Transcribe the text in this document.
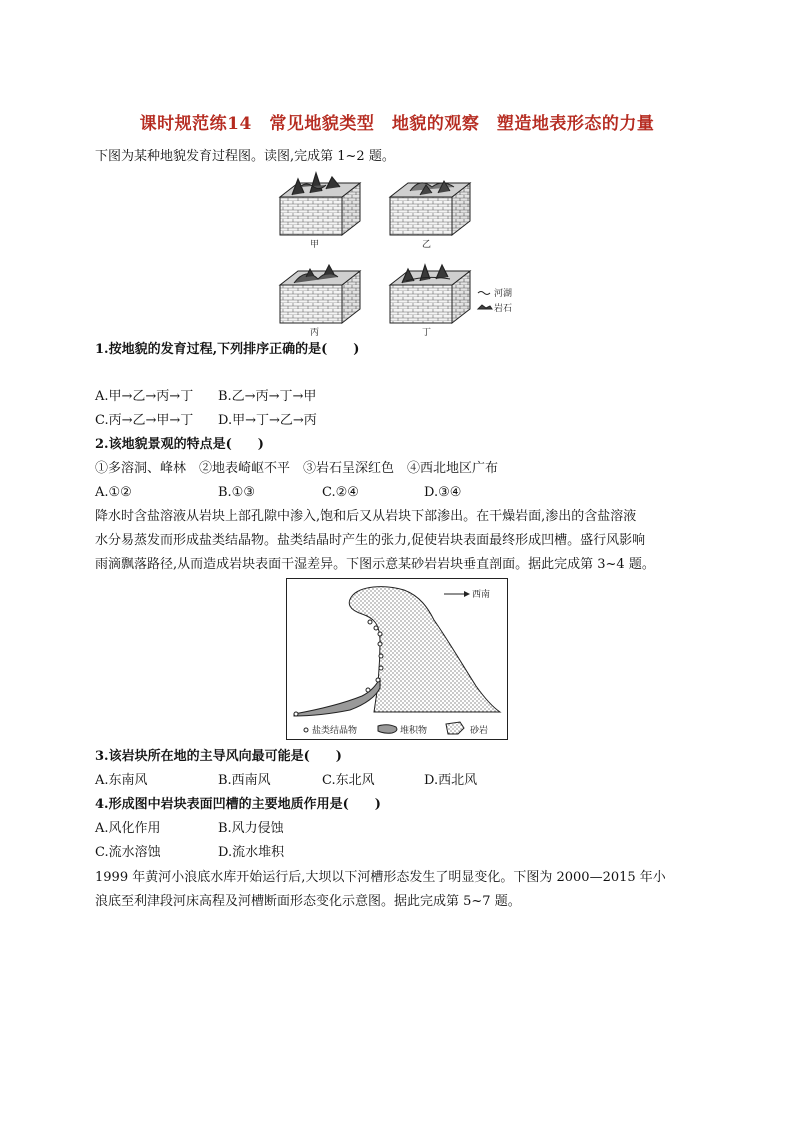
课时规范练14　常见地貌类型　地貌的观察　塑造地表形态的力量
下图为某种地貌发育过程图。读图,完成第 1~2 题。
甲	乙
丙	丁
河湖
岩石
1.按地貌的发育过程,下列排序正确的是(　　)
A.甲→乙→丙→丁 B.乙→丙→丁→甲
C.丙→乙→甲→丁 D.甲→丁→乙→丙
2.该地貌景观的特点是(　　)
①多溶洞、峰林　②地表崎岖不平　③岩石呈深红色　④西北地区广布
A.①②	B.①③	C.②④	D.③④
降水时含盐溶液从岩块上部孔隙中渗入,饱和后又从岩块下部渗出。在干燥岩面,渗出的含盐溶液
水分易蒸发而形成盐类结晶物。盐类结晶时产生的张力,促使岩块表面最终形成凹槽。盛行风影响
雨滴飘落路径,从而造成岩块表面干湿差异。下图示意某砂岩岩块垂直剖面。据此完成第 3~4 题。
西南
盐类结晶物	堆积物	砂岩
3.该岩块所在地的主导风向最可能是(　　)
A.东南风	B.西南风	C.东北风	D.西北风
4.形成图中岩块表面凹槽的主要地质作用是(　　)
A.风化作用	B.风力侵蚀
C.流水溶蚀	D.流水堆积
1999 年黄河小浪底水库开始运行后,大坝以下河槽形态发生了明显变化。下图为 2000—2015 年小
浪底至利津段河床高程及河槽断面形态变化示意图。据此完成第 5~7 题。
